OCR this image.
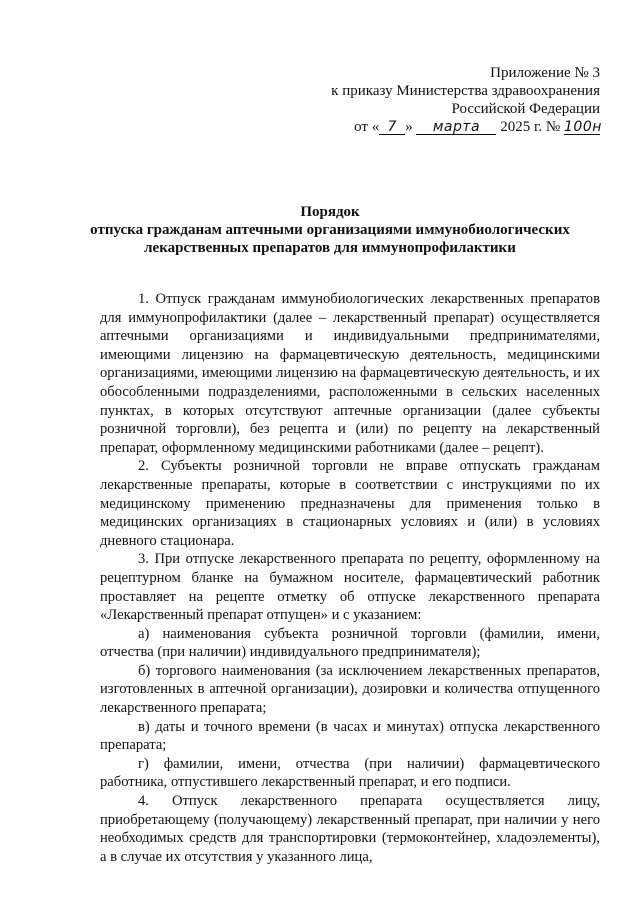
Приложение № 3
к приказу Министерства здравоохранения
Российской Федерации
от « 7 » марта 2025 г. № 100н
Порядок
отпуска гражданам аптечными организациями иммунобиологических
лекарственных препаратов для иммунопрофилактики

1. Отпуск гражданам иммунобиологических лекарственных препаратов для иммунопрофилактики (далее – лекарственный препарат) осуществляется аптечными организациями и индивидуальными предпринимателями, имеющими лицензию на фармацевтическую деятельность, медицинскими организациями, имеющими лицензию на фармацевтическую деятельность, и их обособленными подразделениями, расположенными в сельских населенных пунктах, в которых отсутствуют аптечные организации (далее субъекты розничной торговли), без рецепта и (или) по рецепту на лекарственный препарат, оформленному медицинскими работниками (далее – рецепт).

2. Субъекты розничной торговли не вправе отпускать гражданам лекарственные препараты, которые в соответствии с инструкциями по их медицинскому применению предназначены для применения только в медицинских организациях в стационарных условиях и (или) в условиях дневного стационара.

3. При отпуске лекарственного препарата по рецепту, оформленному на рецептурном бланке на бумажном носителе, фармацевтический работник проставляет на рецепте отметку об отпуске лекарственного препарата «Лекарственный препарат отпущен» и с указанием:

а) наименования субъекта розничной торговли (фамилии, имени, отчества (при наличии) индивидуального предпринимателя);

б) торгового наименования (за исключением лекарственных препаратов, изготовленных в аптечной организации), дозировки и количества отпущенного лекарственного препарата;

в) даты и точного времени (в часах и минутах) отпуска лекарственного препарата;

г) фамилии, имени, отчества (при наличии) фармацевтического работника, отпустившего лекарственный препарат, и его подписи.

4. Отпуск лекарственного препарата осуществляется лицу, приобретающему (получающему) лекарственный препарат, при наличии у него необходимых средств для транспортировки (термоконтейнер, хладоэлементы), а в случае их отсутствия у указанного лица,
